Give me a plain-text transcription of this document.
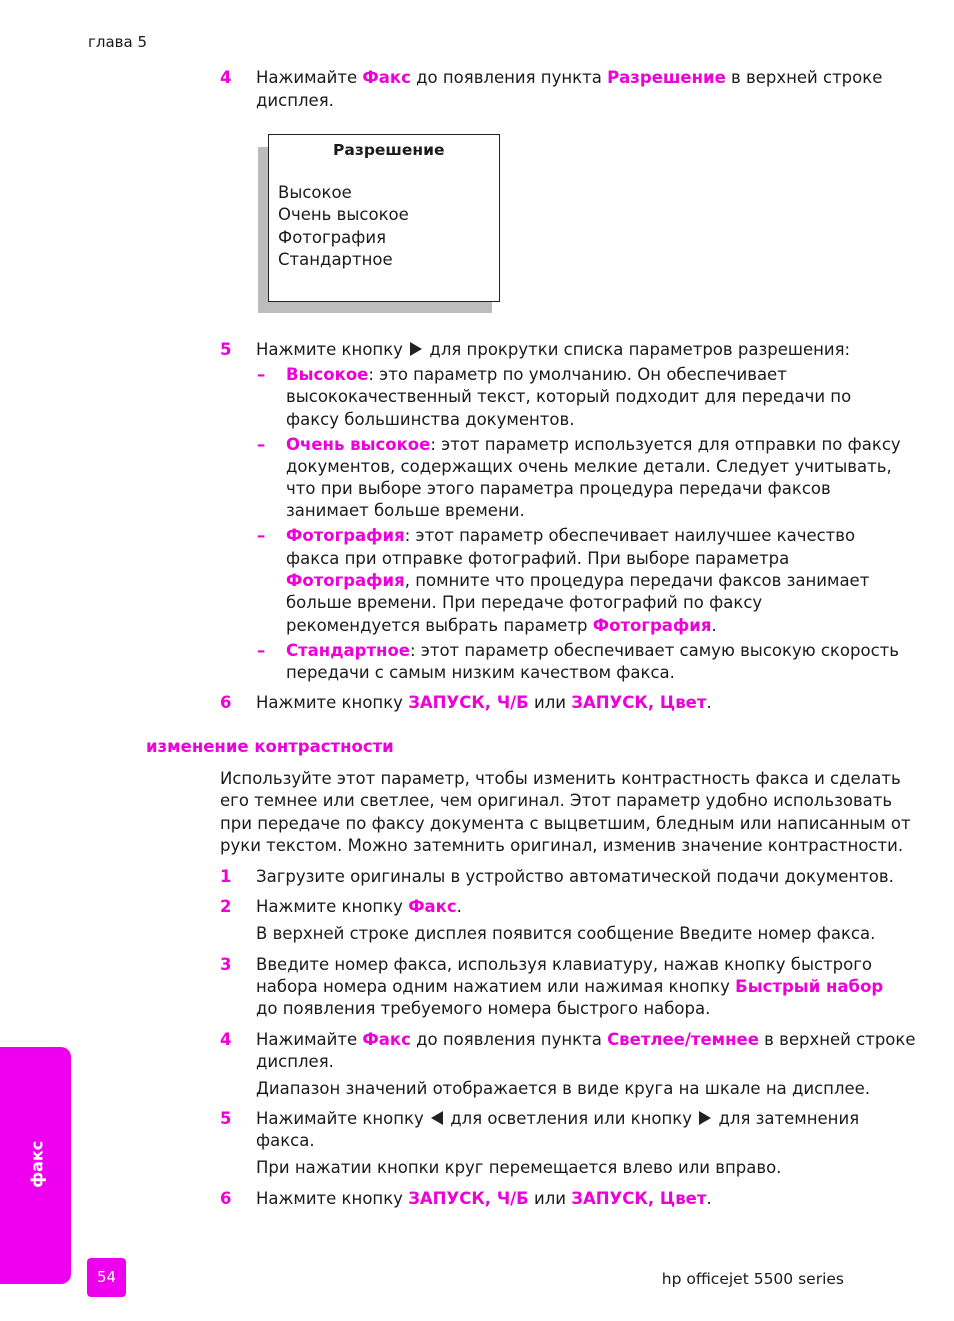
глава 5
4 Нажимайте Факс до появления пункта Разрешение в верхней строке
дисплея.
Разрешение
Высокое
Очень высокое
Фотография
Стандартное
5 Нажмите кнопку  для прокрутки списка параметров разрешения:
– Высокое: это параметр по умолчанию. Он обеспечивает
высококачественный текст, который подходит для передачи по
факсу большинства документов.
– Очень высокое: этот параметр используется для отправки по факсу
документов, содержащих очень мелкие детали. Следует учитывать,
что при выборе этого параметра процедура передачи факсов
занимает больше времени.
– Фотография: этот параметр обеспечивает наилучшее качество
факса при отправке фотографий. При выборе параметра
Фотография, помните что процедура передачи факсов занимает
больше времени. При передаче фотографий по факсу
рекомендуется выбрать параметр Фотография.
– Стандартное: этот параметр обеспечивает самую высокую скорость
передачи с самым низким качеством факса.
6 Нажмите кнопку ЗАПУСК, Ч/Б или ЗАПУСК, Цвет.
изменение контрастности
Используйте этот параметр, чтобы изменить контрастность факса и сделать
его темнее или светлее, чем оригинал. Этот параметр удобно использовать
при передаче по факсу документа с выцветшим, бледным или написанным от
руки текстом. Можно затемнить оригинал, изменив значение контрастности.
1 Загрузите оригиналы в устройство автоматической подачи документов.
2 Нажмите кнопку Факс.
В верхней строке дисплея появится сообщение Введите номер факса.
3 Введите номер факса, используя клавиатуру, нажав кнопку быстрого
набора номера одним нажатием или нажимая кнопку Быстрый набор
до появления требуемого номера быстрого набора.
4 Нажимайте Факс до появления пункта Светлее/темнее в верхней строке
дисплея.
Диапазон значений отображается в виде круга на шкале на дисплее.
5 Нажимайте кнопку  для осветления или кнопку  для затемнения
факса.
При нажатии кнопки круг перемещается влево или вправо.
6 Нажмите кнопку ЗАПУСК, Ч/Б или ЗАПУСК, Цвет.
факс
54	hp officejet 5500 series
